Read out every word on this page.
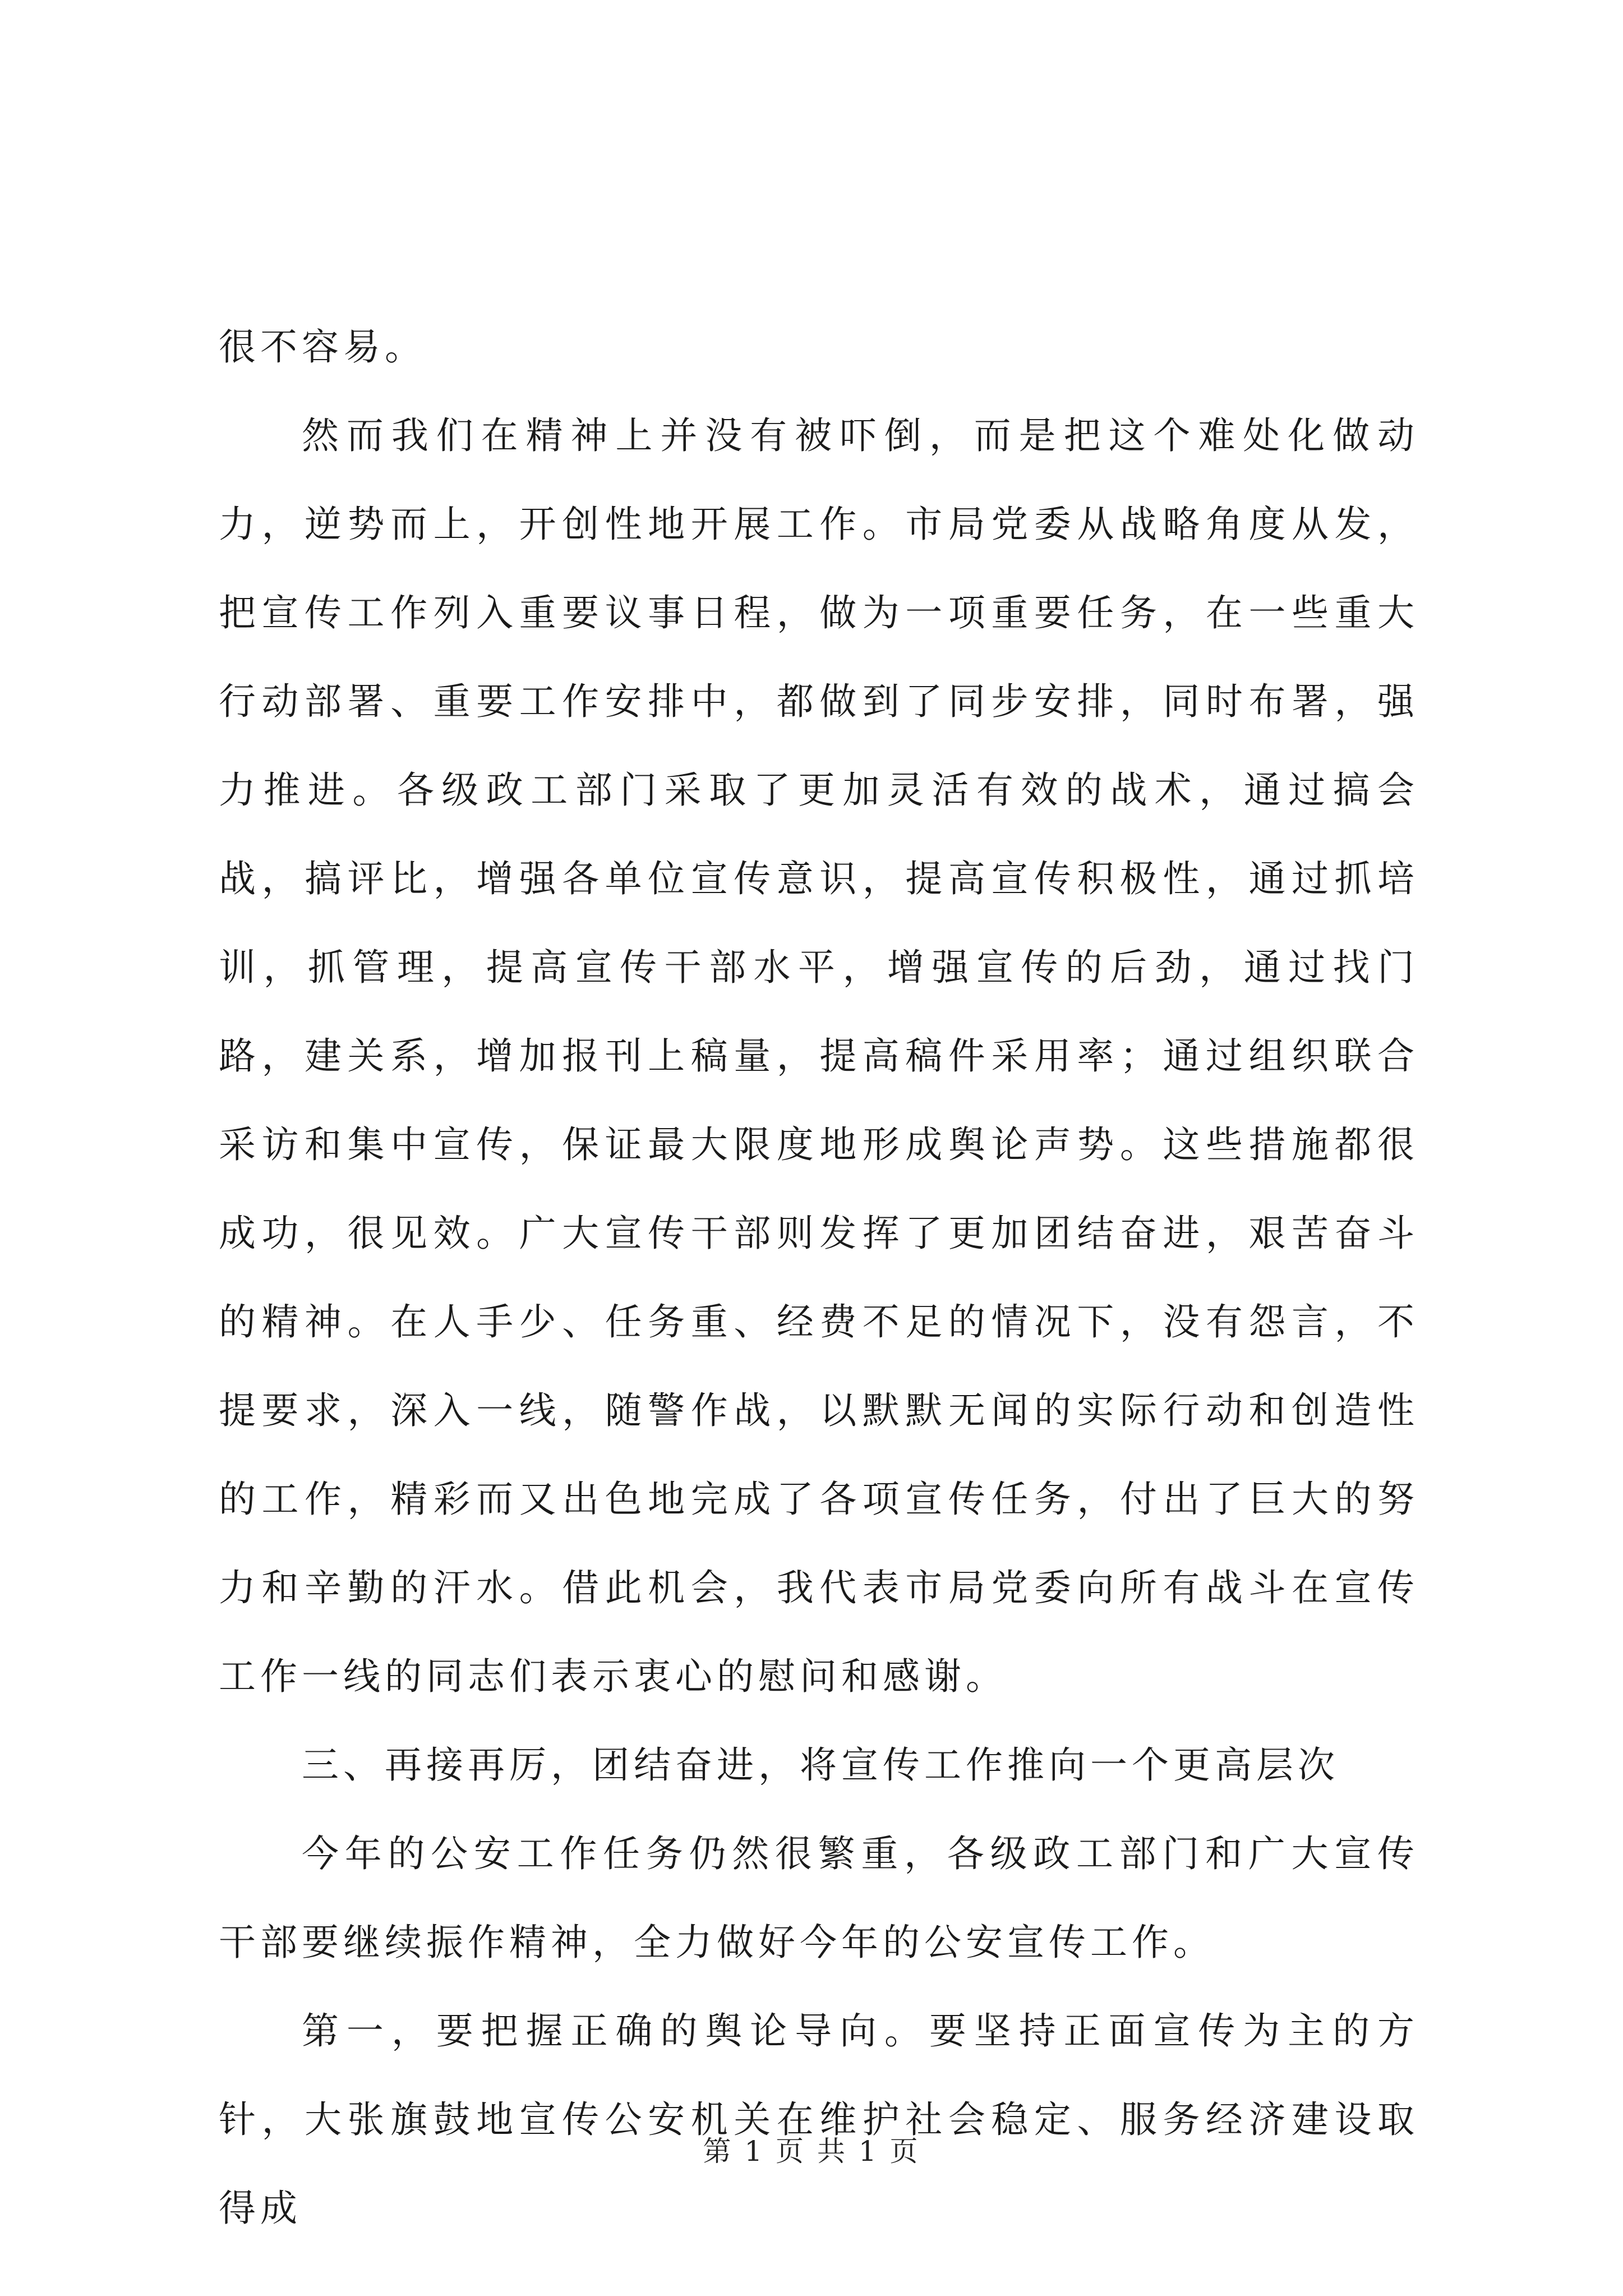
很不容易。

然而我们在精神上并没有被吓倒，而是把这个难处化做动力，逆势而上，开创性地开展工作。市局党委从战略角度从发，把宣传工作列入重要议事日程，做为一项重要任务，在一些重大行动部署、重要工作安排中，都做到了同步安排，同时布署，强力推进。各级政工部门采取了更加灵活有效的战术，通过搞会战，搞评比，增强各单位宣传意识，提高宣传积极性，通过抓培训，抓管理，提高宣传干部水平，增强宣传的后劲，通过找门路，建关系，增加报刊上稿量，提高稿件采用率；通过组织联合采访和集中宣传，保证最大限度地形成舆论声势。这些措施都很成功，很见效。广大宣传干部则发挥了更加团结奋进，艰苦奋斗的精神。在人手少、任务重、经费不足的情况下，没有怨言，不提要求，深入一线，随警作战，以默默无闻的实际行动和创造性的工作，精彩而又出色地完成了各项宣传任务，付出了巨大的努力和辛勤的汗水。借此机会，我代表市局党委向所有战斗在宣传工作一线的同志们表示衷心的慰问和感谢。

三、再接再厉，团结奋进，将宣传工作推向一个更高层次

今年的公安工作任务仍然很繁重，各级政工部门和广大宣传干部要继续振作精神，全力做好今年的公安宣传工作。

第一，要把握正确的舆论导向。要坚持正面宣传为主的方针，大张旗鼓地宣传公安机关在维护社会稳定、服务经济建设取得成

第 1 页 共 1 页
